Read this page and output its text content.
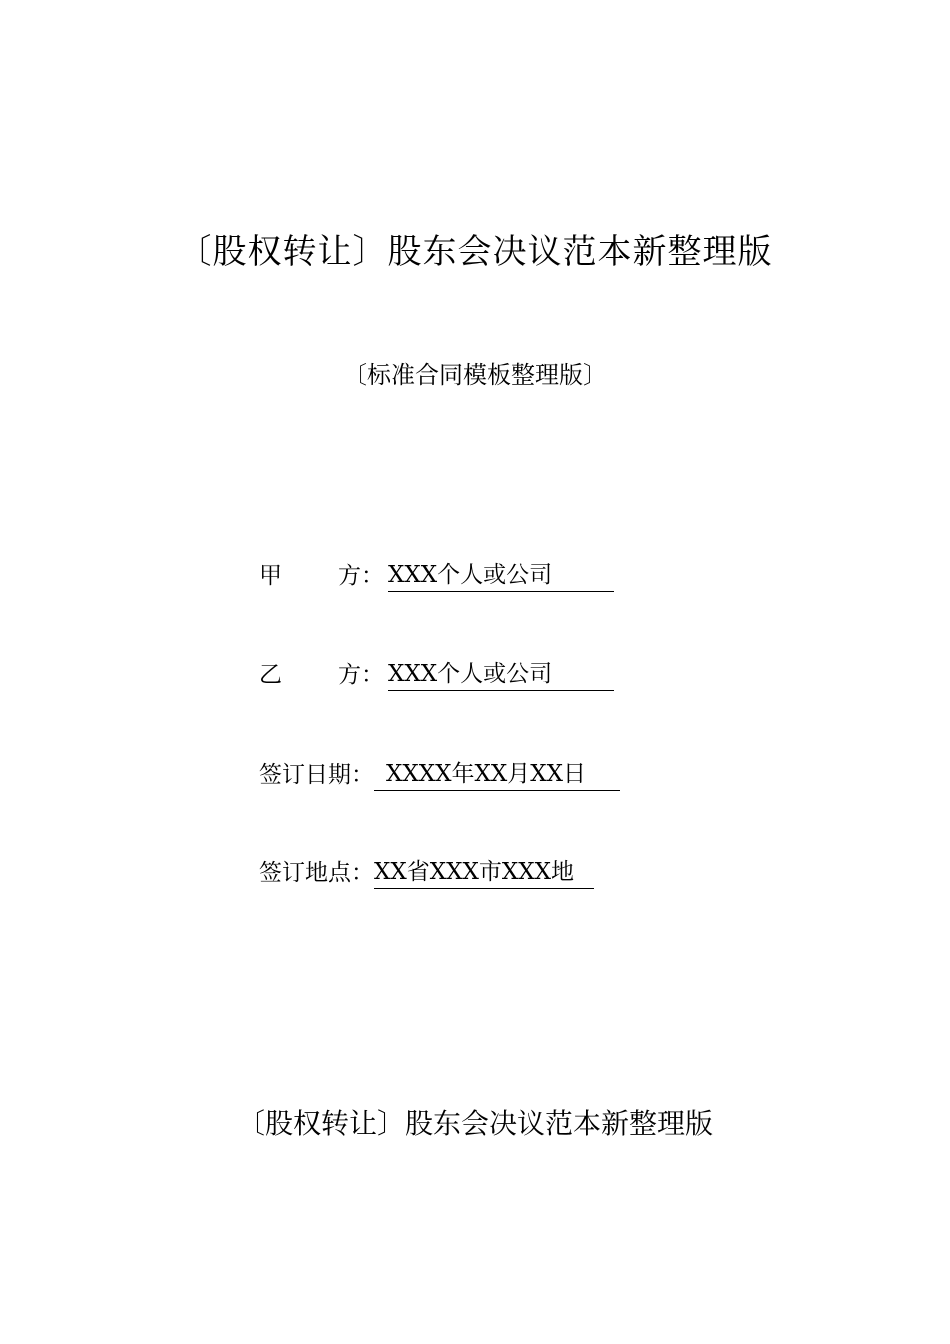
〔股权转让〕股东会决议范本新整理版
〔标准合同模板整理版〕
甲 方： XXX个人或公司
乙 方： XXX个人或公司
签订日期： XXXX年XX月XX日
签订地点：XX省XXX市XXX地
〔股权转让〕股东会决议范本新整理版
